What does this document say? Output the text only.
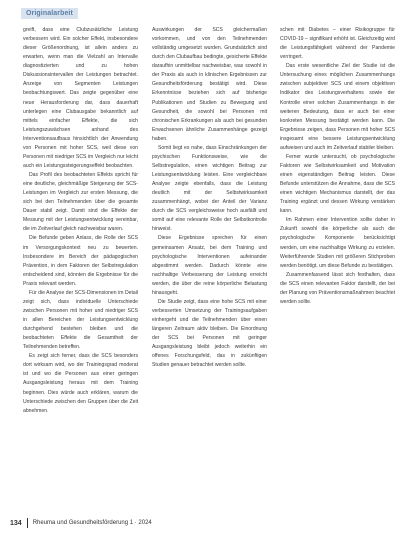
Originalarbeit

greift, dass eine Clubzusätzliche Leistung verbessern wird. Ein solcher Effekt, insbesondere dieser Größenordnung, ist allein anders zu erwarten, wenn man die Vielzahl an Intervalle diagnostizierten und zu hohen Diskussionsintervallen der Leistungen betrachtet. Anzeige von Segmenten Leistungen beobachtungswert. Das zeigte gegenüber eine neue Herausforderung dar, dass dauerhaft unterlegen eine Clubausgabe bekanntlich auf mittels einfacher Effekte, die sich Leistungszuwächsen anhand des Interventionsaufbaus hinsichtlich der Anwendung von Personen mit hoher SCS, weil diese von Personen mit niedriger SCS im Vergleich nur leicht auch ein Leistungssteigerungseffekt beobachten.

Das Profil des beobachteten Effekts spricht für eine deutliche, gleichmäßige Steigerung der SCS-Leistungen im Vergleich zur ersten Messung, die sich bei den Teilnehmenden über die gesamte Dauer stabil zeigt. Damit sind die Effekte der Messung mit der Leistungsentwicklung vereinbar, die im Zeitverlauf gleich nachweisbar waren.

Die Befunde geben Anlass, die Rolle der SCS im Versorgungskontext neu zu bewerten. Insbesondere im Bereich der pädagogischen Prävention, in dem Faktoren der Selbstregulation entscheidend sind, könnten die Ergebnisse für die Praxis relevant werden.

Für die Analyse der SCS-Dimensionen im Detail zeigt sich, dass individuelle Unterschiede zwischen Personen mit hoher und niedriger SCS in allen Bereichen der Leistungsentwicklung durchgehend bestehen bleiben und die beobachteten Effekte die Gesamtheit der Teilnehmenden betreffen.

Es zeigt sich ferner, dass die SCS besonders dort wirksam wird, wo der Trainingsgrad moderat ist und wo die Personen aus einer geringen Ausgangsleistung heraus mit dem Training beginnen. Dies würde auch erklären, warum die Unterschiede zwischen den Gruppen über die Zeit abnehmen.

Auswirkungen der SCS gleichermaßen vorkommen, und von den Teilnehmenden vollständig umgesetzt wurden. Grundsätzlich sind durch den Clubaufbau bedingte, gesicherte Effekte daraufhin unmittelbar nachweisbar, was sowohl in der Praxis als auch in klinischen Ergebnissen zur Gesundheitsförderung bestätigt wird. Diese Erkenntnisse beziehen sich auf bisherige Publikationen und Studien zu Bewegung und Gesundheit, die sowohl bei Personen mit chronischen Erkrankungen als auch bei gesunden Erwachsenen ähnliche Zusammenhänge gezeigt haben.

Somit liegt es nahe, dass Einschränkungen der psychischen Funktionsweise, wie die Selbstregulation, einen wichtigen Beitrag zur Leistungsentwicklung leisten. Eine vergleichbare Analyse zeigte ebenfalls, dass die Leistung deutlich mit der Selbstwirksamkeit zusammenhängt, wobei der Anteil der Varianz durch die SCS vergleichsweise hoch ausfällt und somit auf eine relevante Rolle der Selbstkontrolle hinweist.

Diese Ergebnisse sprechen für einen gemeinsamen Ansatz, bei dem Training und psychologische Interventionen aufeinander abgestimmt werden. Dadurch könnte eine nachhaltige Verbesserung der Leistung erreicht werden, die über die reine körperliche Belastung hinausgeht.

Die Studie zeigt, dass eine hohe SCS mit einer verbesserten Umsetzung der Trainingsaufgaben einhergeht und die Teilnehmenden über einen längeren Zeitraum aktiv bleiben. Die Einordnung der SCS bei Personen mit geringer Ausgangsleistung bleibt jedoch weiterhin ein offenes Forschungsfeld, das in zukünftigen Studien genauer betrachtet werden sollte.

schen mit Diabetes – einer Risikogruppe für COVID-19 – signifikant erhöht ist. Gleichzeitig wird die Leistungsfähigkeit während der Pandemie verringert.

Das erste wesentliche Ziel der Studie ist die Untersuchung eines möglichen Zusammenhangs zwischen subjektiver SCS und einem objektiven Indikator des Leistungsverhaltens sowie der Kontrolle einer solchen Zusammenhangs in der weiteren Bedeutung, dass er auch bei einer konkreten Messung bestätigt werden kann. Die Ergebnisse zeigen, dass Personen mit hoher SCS insgesamt eine bessere Leistungsentwicklung aufweisen und auch im Zeitverlauf stabiler bleiben.

Ferner wurde untersucht, ob psychologische Faktoren wie Selbstwirksamkeit und Motivation einen eigenständigen Beitrag leisten. Diese Befunde unterstützen die Annahme, dass die SCS einen wichtigen Mechanismus darstellt, der das Training ergänzt und dessen Wirkung verstärken kann.

Im Rahmen einer Intervention sollte daher in Zukunft sowohl die körperliche als auch die psychologische Komponente berücksichtigt werden, um eine nachhaltige Wirkung zu erzielen. Weiterführende Studien mit größeren Stichproben werden benötigt, um diese Befunde zu bestätigen.

Zusammenfassend lässt sich festhalten, dass die SCS einen relevanten Faktor darstellt, der bei der Planung von Präventionsmaßnahmen beachtet werden sollte.

134 Rheuma und Gesundheitsförderung 1 · 2024
